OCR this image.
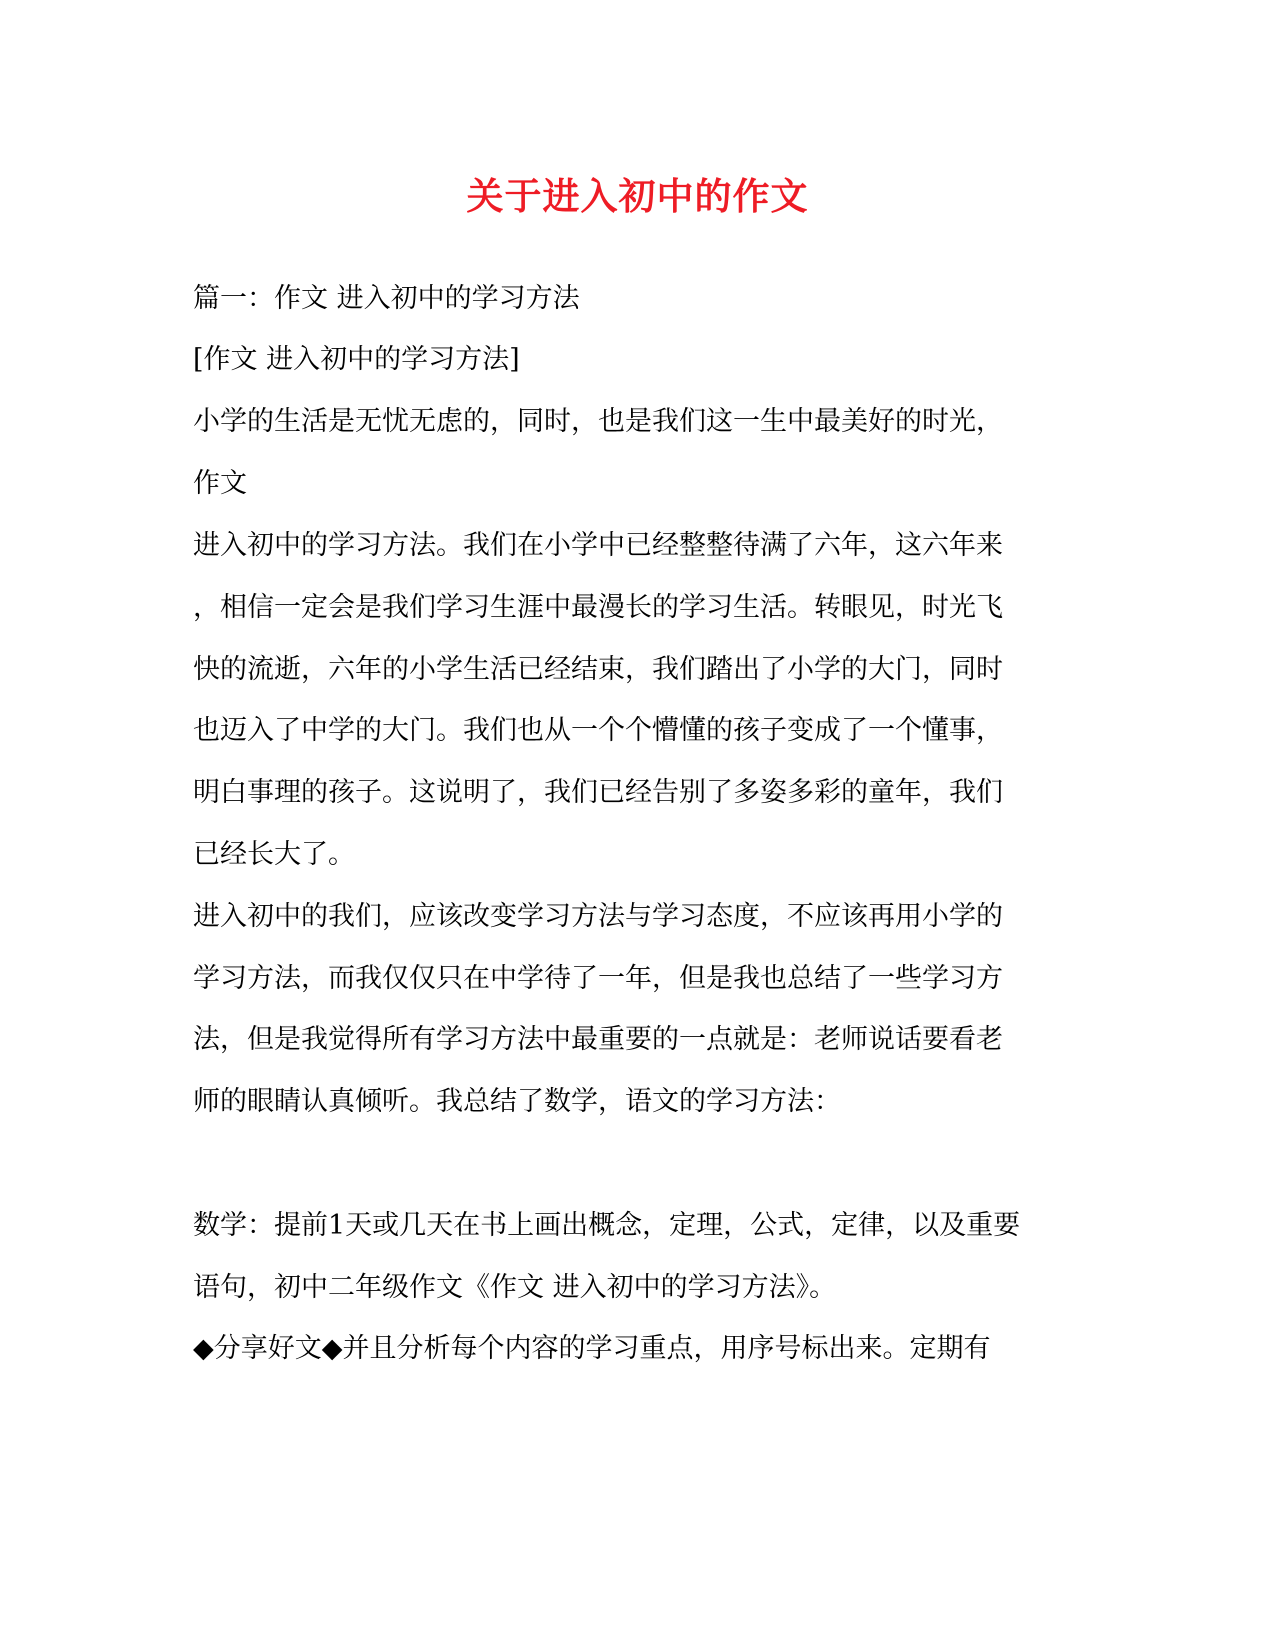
关于进入初中的作文
篇一：作文 进入初中的学习方法
[作文 进入初中的学习方法]
小学的生活是无忧无虑的，同时，也是我们这一生中最美好的时光，
作文
进入初中的学习方法。我们在小学中已经整整待满了六年，这六年来
，相信一定会是我们学习生涯中最漫长的学习生活。转眼见，时光飞
快的流逝，六年的小学生活已经结束，我们踏出了小学的大门，同时
也迈入了中学的大门。我们也从一个个懵懂的孩子变成了一个懂事，
明白事理的孩子。这说明了，我们已经告别了多姿多彩的童年，我们
已经长大了。
进入初中的我们，应该改变学习方法与学习态度，不应该再用小学的
学习方法，而我仅仅只在中学待了一年，但是我也总结了一些学习方
法，但是我觉得所有学习方法中最重要的一点就是：老师说话要看老
师的眼睛认真倾听。我总结了数学，语文的学习方法：
数学：提前1天或几天在书上画出概念，定理，公式，定律，以及重要
语句，初中二年级作文《作文 进入初中的学习方法》。
◆分享好文◆并且分析每个内容的学习重点，用序号标出来。定期有
